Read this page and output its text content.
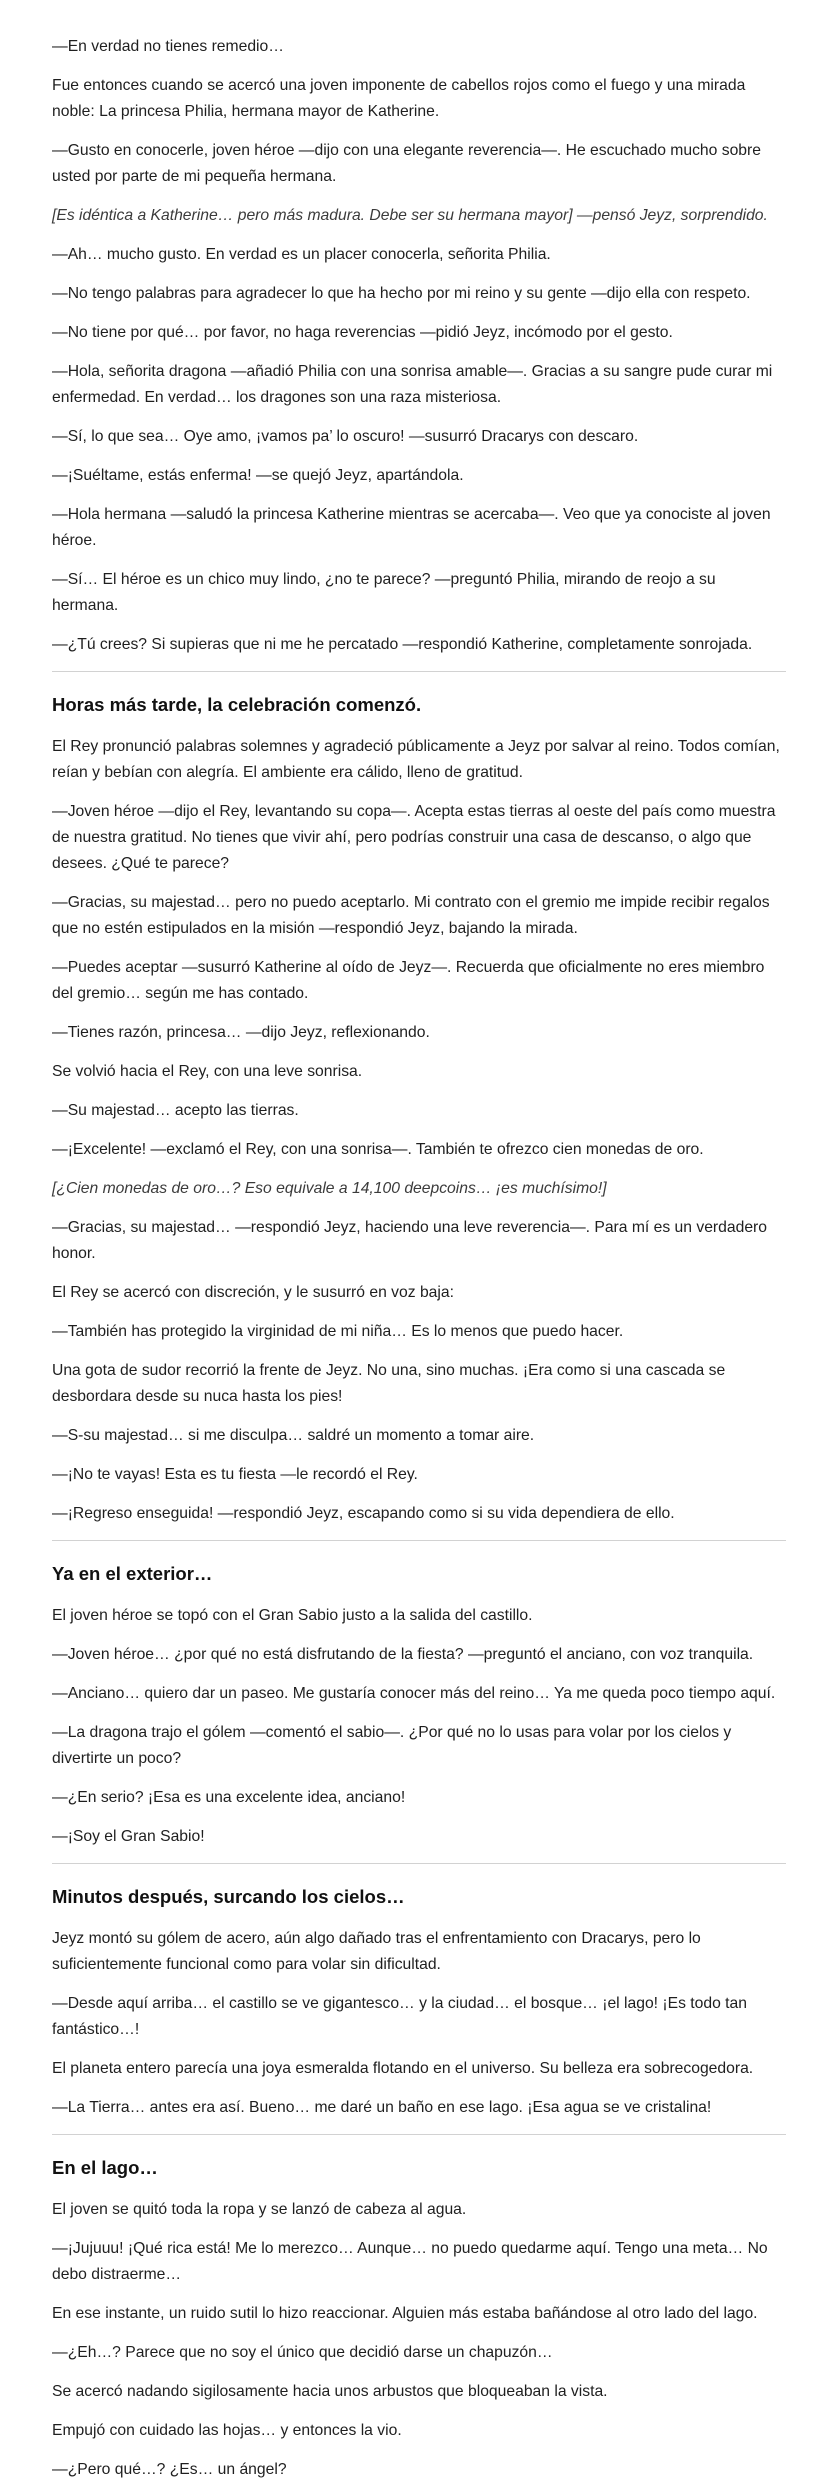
—En verdad no tienes remedio…

Fue entonces cuando se acercó una joven imponente de cabellos rojos como el fuego y una mirada noble: La princesa Philia, hermana mayor de Katherine.

—Gusto en conocerle, joven héroe —dijo con una elegante reverencia—. He escuchado mucho sobre usted por parte de mi pequeña hermana.

[Es idéntica a Katherine… pero más madura. Debe ser su hermana mayor] —pensó Jeyz, sorprendido.

—Ah… mucho gusto. En verdad es un placer conocerla, señorita Philia.

—No tengo palabras para agradecer lo que ha hecho por mi reino y su gente —dijo ella con respeto.

—No tiene por qué… por favor, no haga reverencias —pidió Jeyz, incómodo por el gesto.

—Hola, señorita dragona —añadió Philia con una sonrisa amable—. Gracias a su sangre pude curar mi enfermedad. En verdad… los dragones son una raza misteriosa.

—Sí, lo que sea… Oye amo, ¡vamos pa’ lo oscuro! —susurró Dracarys con descaro.

—¡Suéltame, estás enferma! —se quejó Jeyz, apartándola.

—Hola hermana —saludó la princesa Katherine mientras se acercaba—. Veo que ya conociste al joven héroe.

—Sí… El héroe es un chico muy lindo, ¿no te parece? —preguntó Philia, mirando de reojo a su hermana.

—¿Tú crees? Si supieras que ni me he percatado —respondió Katherine, completamente sonrojada.

Horas más tarde, la celebración comenzó.

El Rey pronunció palabras solemnes y agradeció públicamente a Jeyz por salvar al reino. Todos comían, reían y bebían con alegría. El ambiente era cálido, lleno de gratitud.

—Joven héroe —dijo el Rey, levantando su copa—. Acepta estas tierras al oeste del país como muestra de nuestra gratitud. No tienes que vivir ahí, pero podrías construir una casa de descanso, o algo que desees. ¿Qué te parece?

—Gracias, su majestad… pero no puedo aceptarlo. Mi contrato con el gremio me impide recibir regalos que no estén estipulados en la misión —respondió Jeyz, bajando la mirada.

—Puedes aceptar —susurró Katherine al oído de Jeyz—. Recuerda que oficialmente no eres miembro del gremio… según me has contado.

—Tienes razón, princesa… —dijo Jeyz, reflexionando.

Se volvió hacia el Rey, con una leve sonrisa.

—Su majestad… acepto las tierras.

—¡Excelente! —exclamó el Rey, con una sonrisa—. También te ofrezco cien monedas de oro.

[¿Cien monedas de oro…? Eso equivale a 14,100 deepcoins… ¡es muchísimo!]

—Gracias, su majestad… —respondió Jeyz, haciendo una leve reverencia—. Para mí es un verdadero honor.

El Rey se acercó con discreción, y le susurró en voz baja:

—También has protegido la virginidad de mi niña… Es lo menos que puedo hacer.

Una gota de sudor recorrió la frente de Jeyz. No una, sino muchas. ¡Era como si una cascada se desbordara desde su nuca hasta los pies!

—S-su majestad… si me disculpa… saldré un momento a tomar aire.

—¡No te vayas! Esta es tu fiesta —le recordó el Rey.

—¡Regreso enseguida! —respondió Jeyz, escapando como si su vida dependiera de ello.

Ya en el exterior…

El joven héroe se topó con el Gran Sabio justo a la salida del castillo.

—Joven héroe… ¿por qué no está disfrutando de la fiesta? —preguntó el anciano, con voz tranquila.

—Anciano… quiero dar un paseo. Me gustaría conocer más del reino… Ya me queda poco tiempo aquí.

—La dragona trajo el gólem —comentó el sabio—. ¿Por qué no lo usas para volar por los cielos y divertirte un poco?

—¿En serio? ¡Esa es una excelente idea, anciano!

—¡Soy el Gran Sabio!

Minutos después, surcando los cielos…

Jeyz montó su gólem de acero, aún algo dañado tras el enfrentamiento con Dracarys, pero lo suficientemente funcional como para volar sin dificultad.

—Desde aquí arriba… el castillo se ve gigantesco… y la ciudad… el bosque… ¡el lago! ¡Es todo tan fantástico…!

El planeta entero parecía una joya esmeralda flotando en el universo. Su belleza era sobrecogedora.

—La Tierra… antes era así. Bueno… me daré un baño en ese lago. ¡Esa agua se ve cristalina!

En el lago…

El joven se quitó toda la ropa y se lanzó de cabeza al agua.

—¡Jujuuu! ¡Qué rica está! Me lo merezco… Aunque… no puedo quedarme aquí. Tengo una meta… No debo distraerme…

En ese instante, un ruido sutil lo hizo reaccionar. Alguien más estaba bañándose al otro lado del lago.

—¿Eh…? Parece que no soy el único que decidió darse un chapuzón…

Se acercó nadando sigilosamente hacia unos arbustos que bloqueaban la vista.

Empujó con cuidado las hojas… y entonces la vio.

—¿Pero qué…? ¿Es… un ángel?
